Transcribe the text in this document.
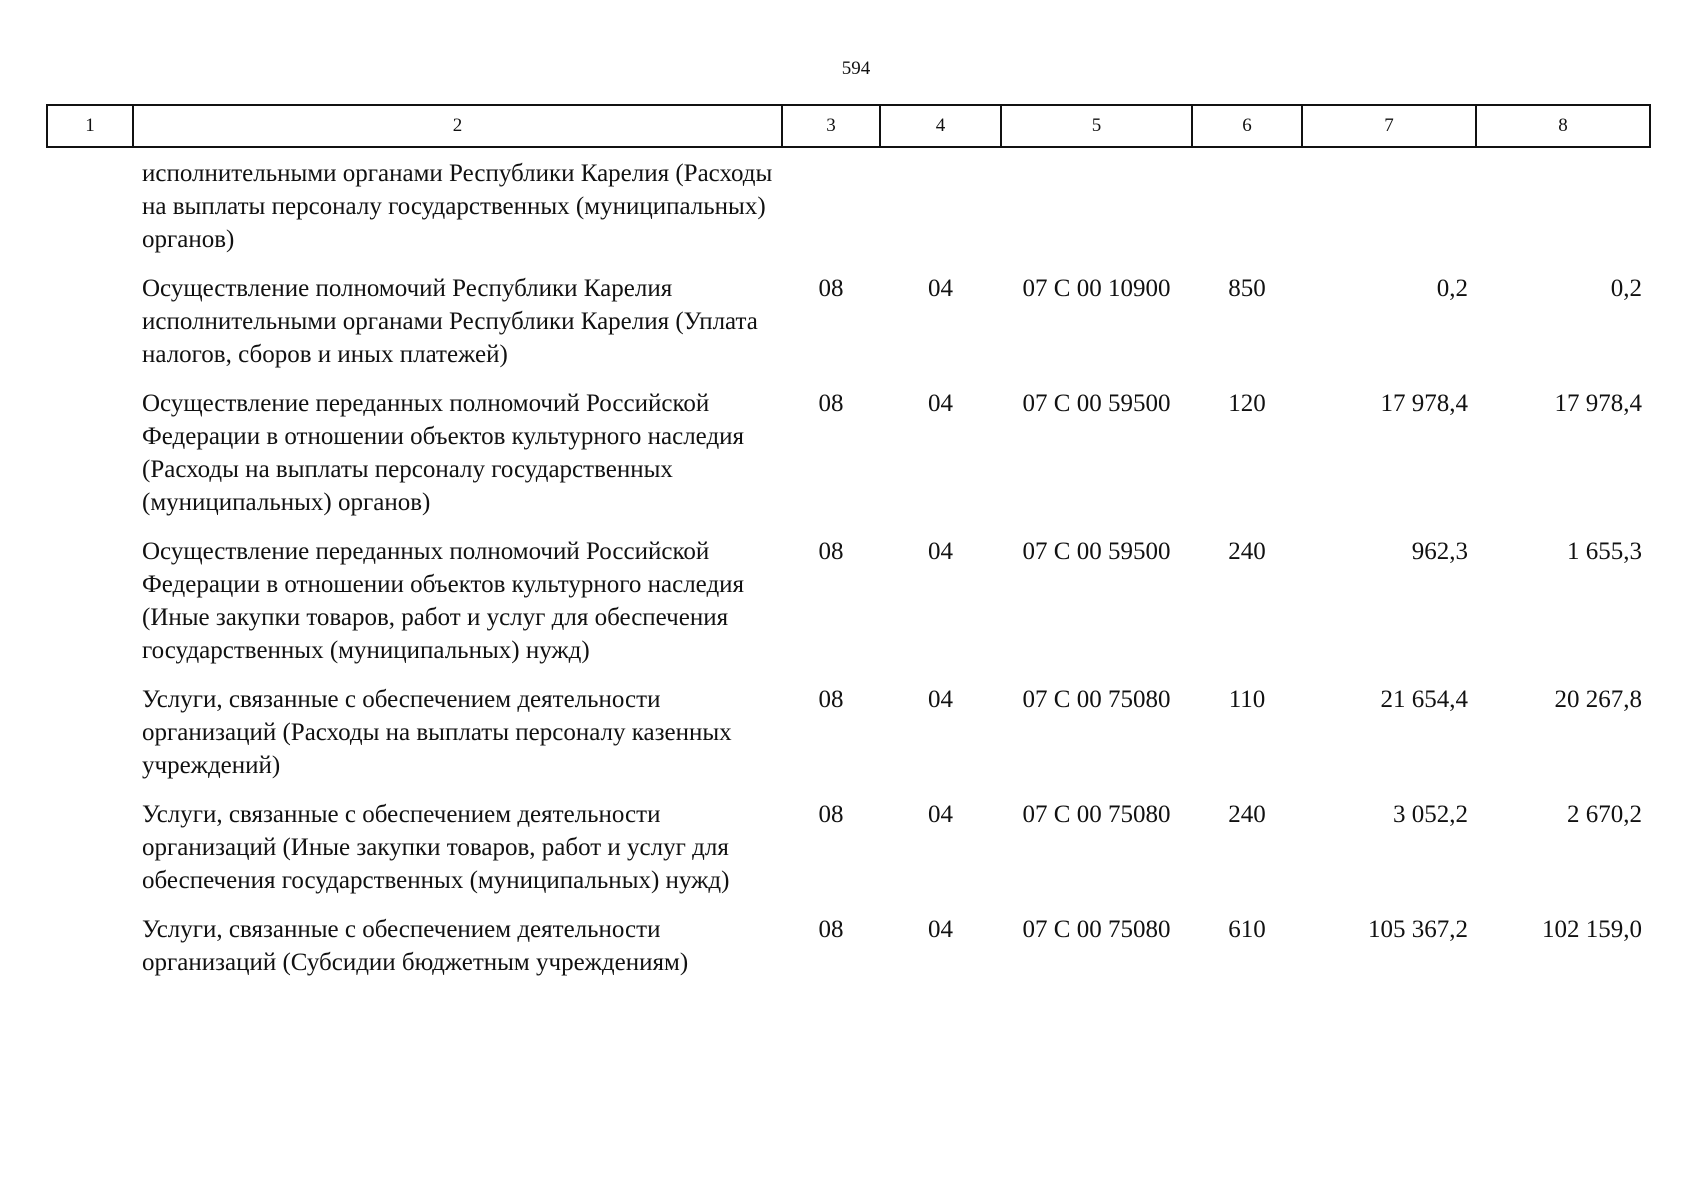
594
1	2	3	4	5	6	7	8
	исполнительными органами Республики Карелия (Расходы на выплаты персоналу государственных (муниципальных) органов)						
	Осуществление полномочий Республики Карелия исполнительными органами Республики Карелия (Уплата налогов, сборов и иных платежей)	08	04	07 С 00 10900	850	0,2	0,2
	Осуществление переданных полномочий Российской Федерации в отношении объектов культурного наследия (Расходы на выплаты персоналу государственных (муниципальных) органов)	08	04	07 С 00 59500	120	17 978,4	17 978,4
	Осуществление переданных полномочий Российской Федерации в отношении объектов культурного наследия (Иные закупки товаров, работ и услуг для обеспечения государственных (муниципальных) нужд)	08	04	07 С 00 59500	240	962,3	1 655,3
	Услуги, связанные с обеспечением деятельности организаций (Расходы на выплаты персоналу казенных учреждений)	08	04	07 С 00 75080	110	21 654,4	20 267,8
	Услуги, связанные с обеспечением деятельности организаций (Иные закупки товаров, работ и услуг для обеспечения государственных (муниципальных) нужд)	08	04	07 С 00 75080	240	3 052,2	2 670,2
	Услуги, связанные с обеспечением деятельности организаций (Субсидии бюджетным учреждениям)	08	04	07 С 00 75080	610	105 367,2	102 159,0
